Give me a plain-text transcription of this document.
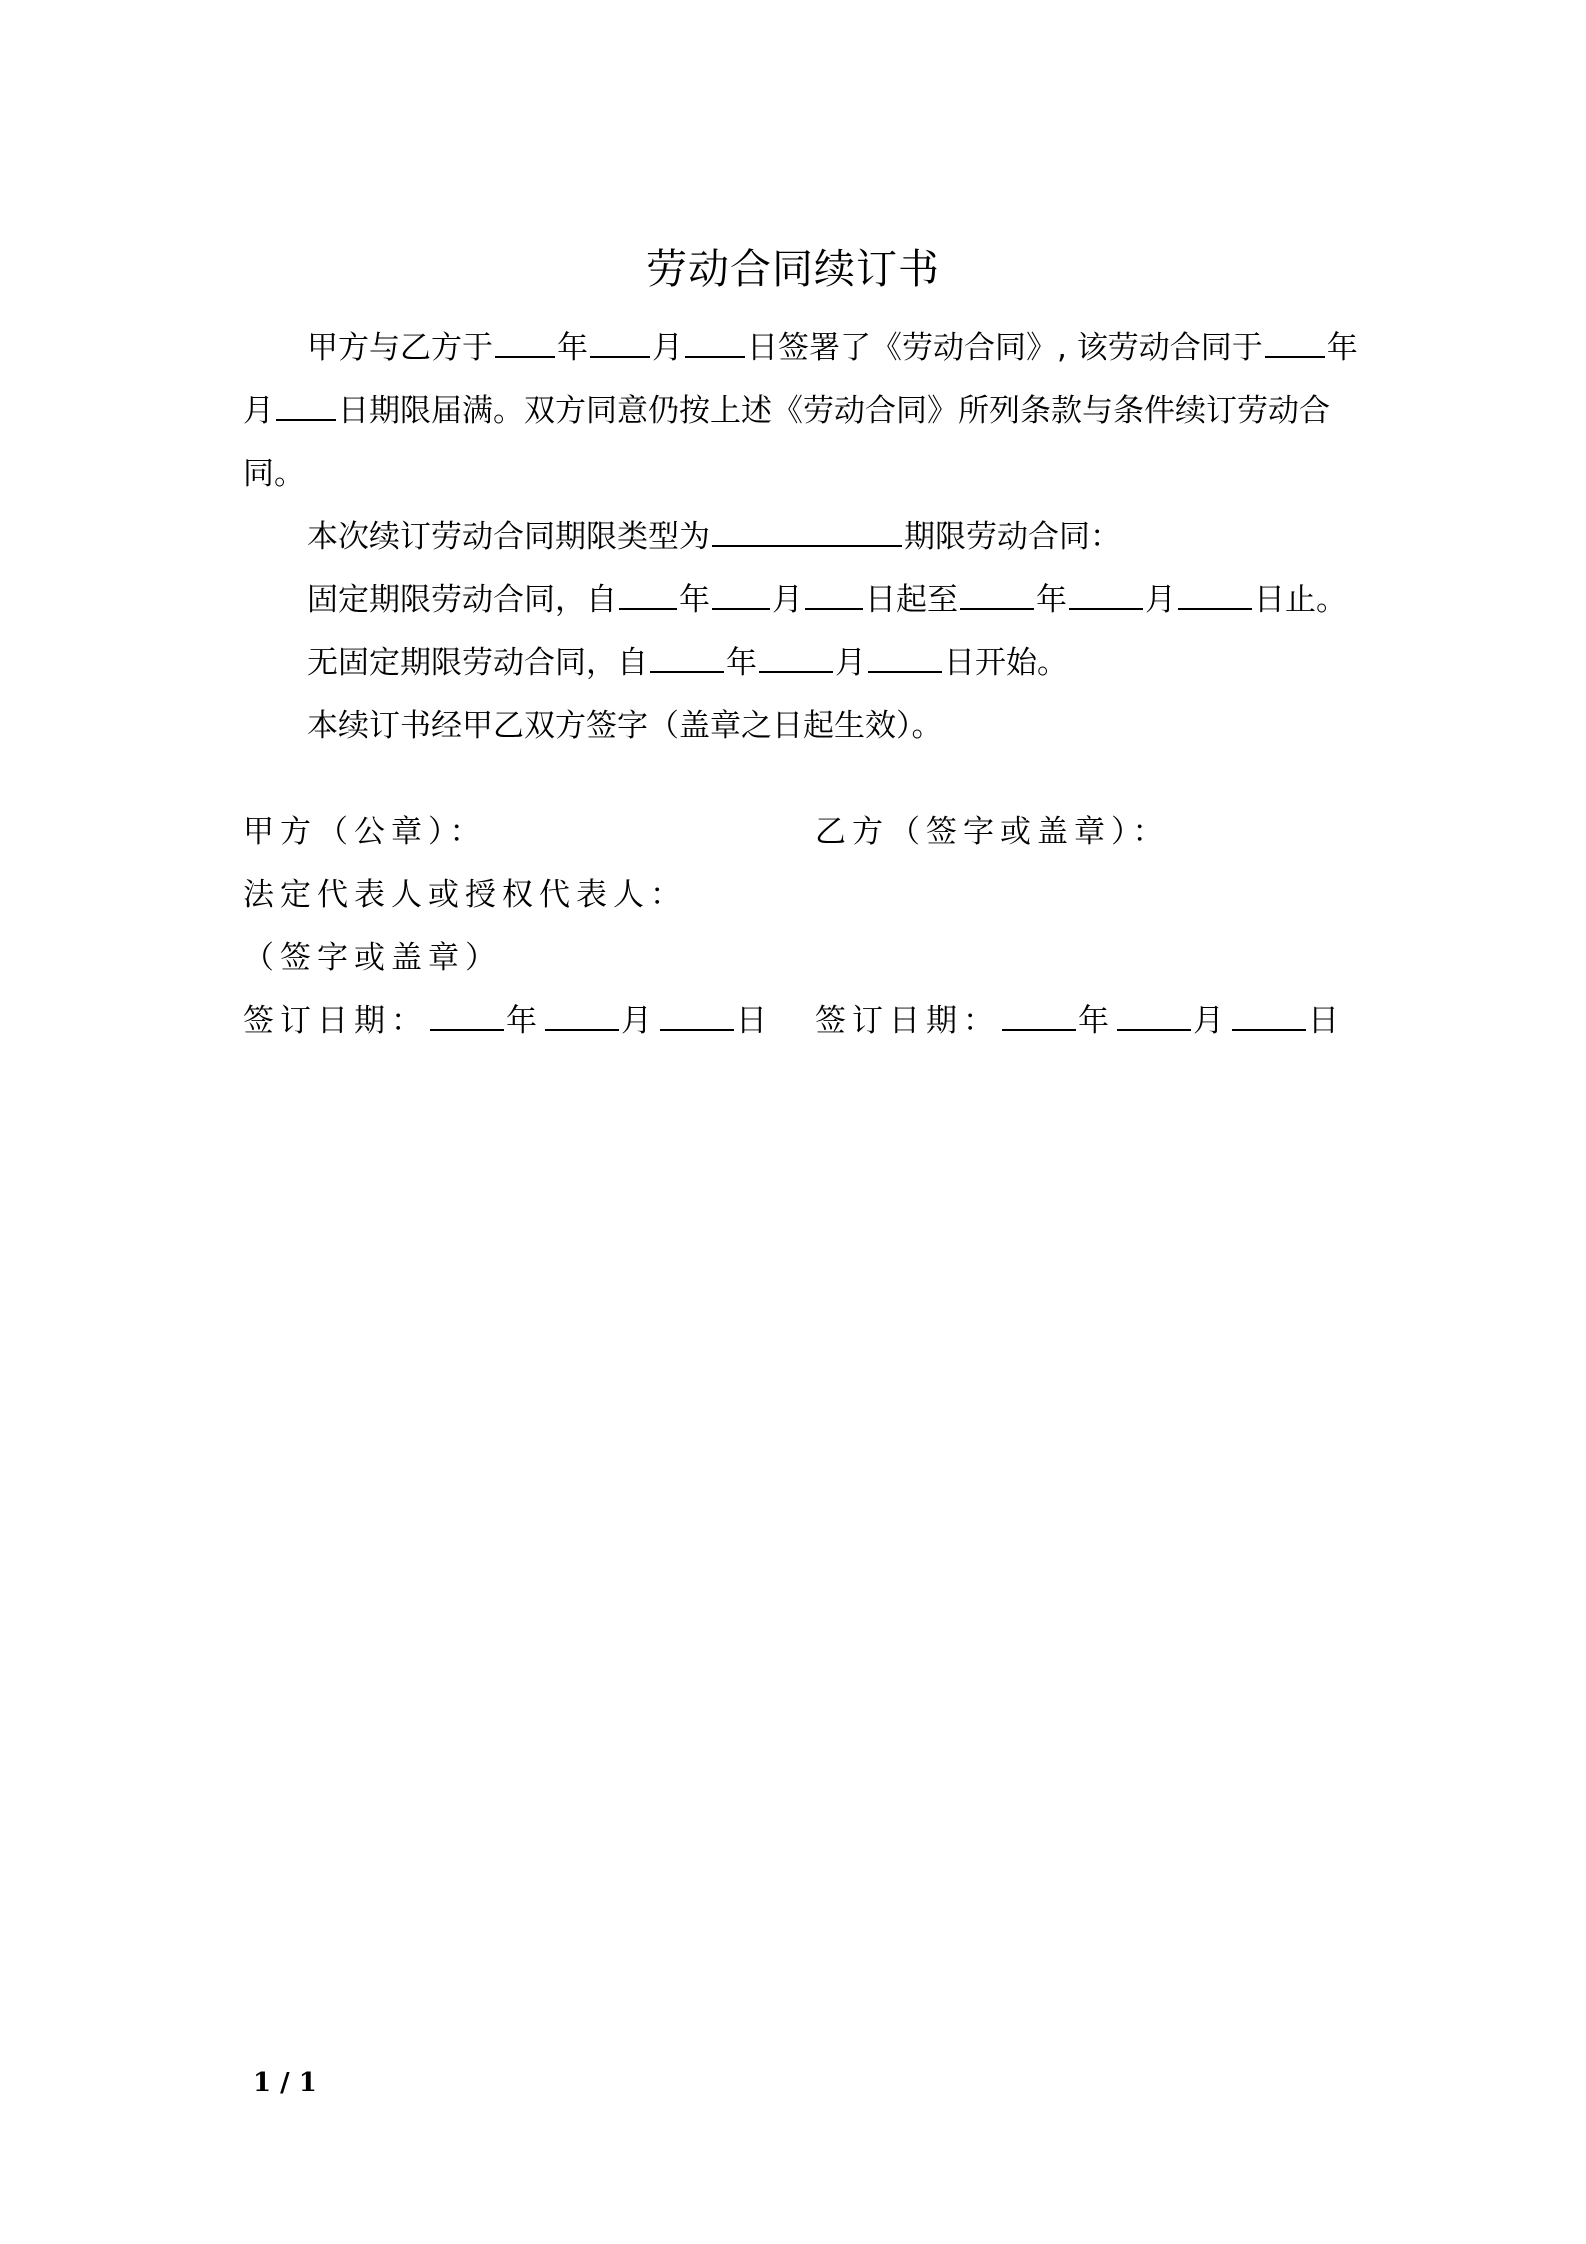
劳动合同续订书
甲方与乙方于 年 月 日签署了《劳动合同》, 该劳动合同于 年
月 日期限届满。双方同意仍按上述《劳动合同》所列条款与条件续订劳动合
同。
本次续订劳动合同期限类型为	期限劳动合同：
固定期限劳动合同，自 年 月 日起至	年	月	日止。
无固定期限劳动合同，自	年	月	日开始。
本续订书经甲乙双方签字（盖章之日起生效）。
甲方（公章）：	乙方（签字或盖章）：
法定代表人或授权代表人：
（签字或盖章）
签订日期：	年	月	日 签订日期：	年	月	日
1 / 1
